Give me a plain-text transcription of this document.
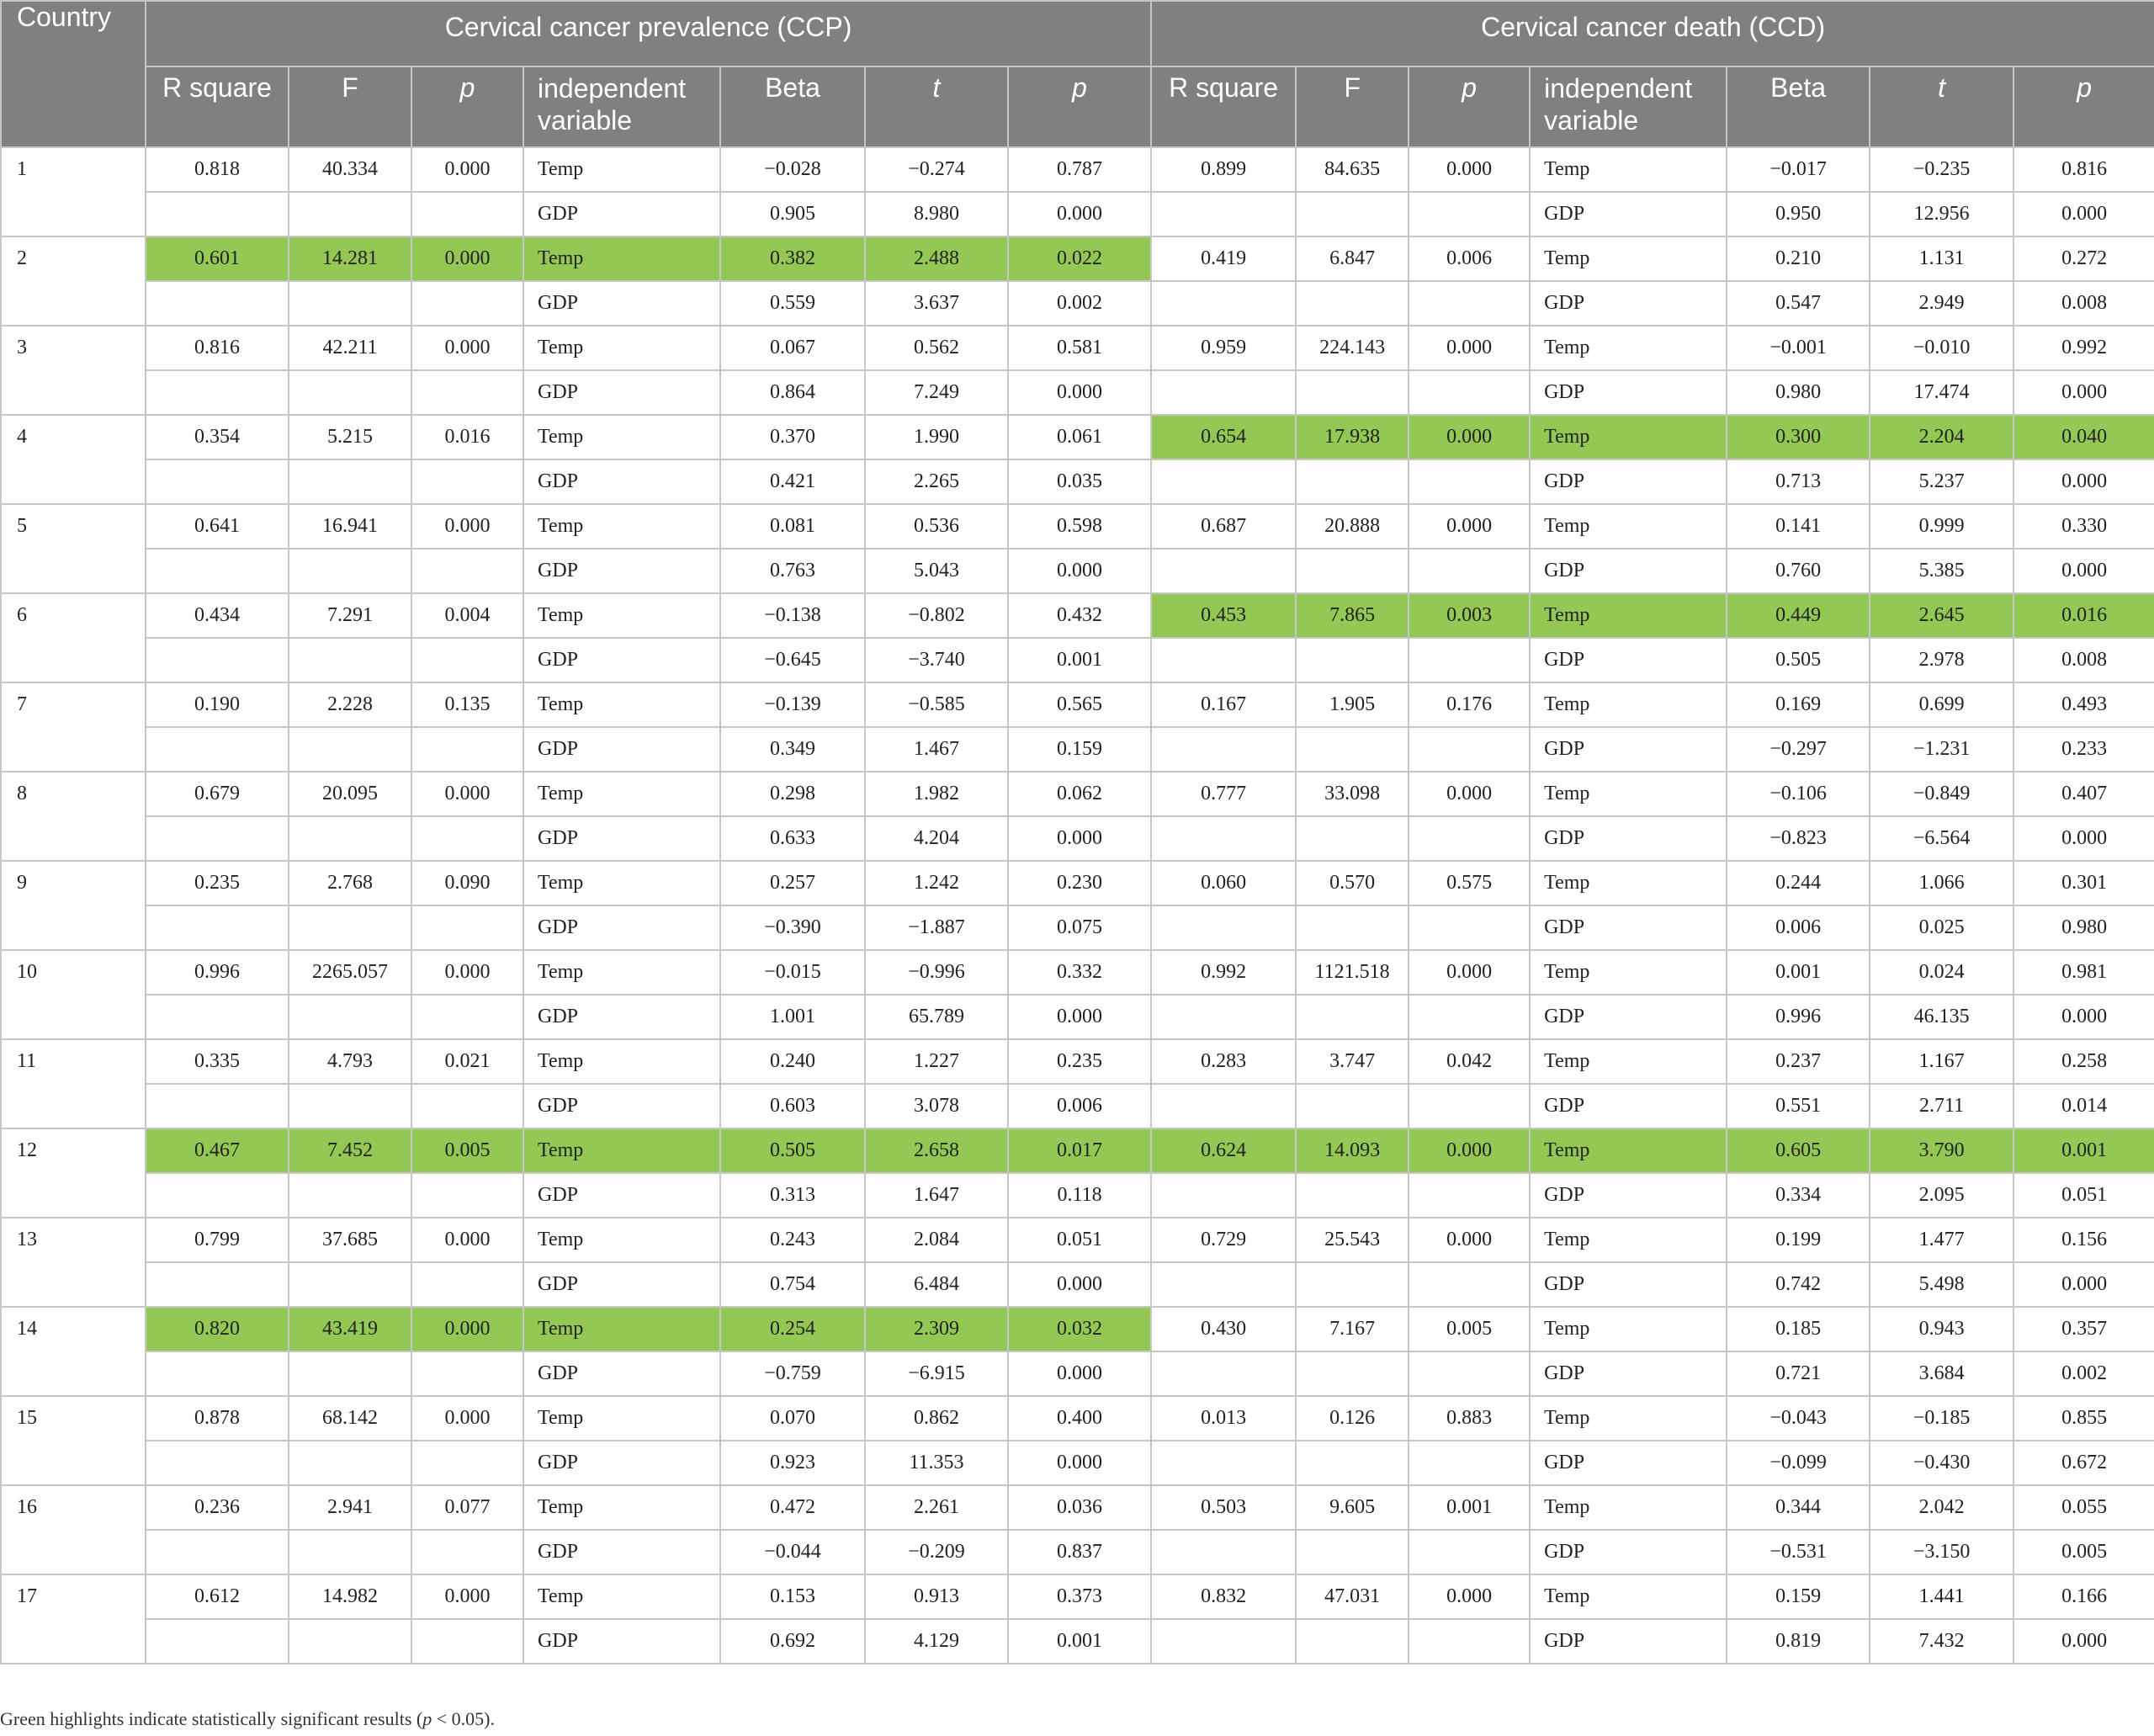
Country	Cervical cancer prevalence (CCP)							Cervical cancer death (CCD)						
	R square	F	p	independent variable	Beta	t	p	R square	F	p	independent variable	Beta	t	p
1	0.818	40.334	0.000	Temp	−0.028	−0.274	0.787	0.899	84.635	0.000	Temp	−0.017	−0.235	0.816
				GDP	0.905	8.980	0.000				GDP	0.950	12.956	0.000
2	0.601	14.281	0.000	Temp	0.382	2.488	0.022	0.419	6.847	0.006	Temp	0.210	1.131	0.272
				GDP	0.559	3.637	0.002				GDP	0.547	2.949	0.008
3	0.816	42.211	0.000	Temp	0.067	0.562	0.581	0.959	224.143	0.000	Temp	−0.001	−0.010	0.992
				GDP	0.864	7.249	0.000				GDP	0.980	17.474	0.000
4	0.354	5.215	0.016	Temp	0.370	1.990	0.061	0.654	17.938	0.000	Temp	0.300	2.204	0.040
				GDP	0.421	2.265	0.035				GDP	0.713	5.237	0.000
5	0.641	16.941	0.000	Temp	0.081	0.536	0.598	0.687	20.888	0.000	Temp	0.141	0.999	0.330
				GDP	0.763	5.043	0.000				GDP	0.760	5.385	0.000
6	0.434	7.291	0.004	Temp	−0.138	−0.802	0.432	0.453	7.865	0.003	Temp	0.449	2.645	0.016
				GDP	−0.645	−3.740	0.001				GDP	0.505	2.978	0.008
7	0.190	2.228	0.135	Temp	−0.139	−0.585	0.565	0.167	1.905	0.176	Temp	0.169	0.699	0.493
				GDP	0.349	1.467	0.159				GDP	−0.297	−1.231	0.233
8	0.679	20.095	0.000	Temp	0.298	1.982	0.062	0.777	33.098	0.000	Temp	−0.106	−0.849	0.407
				GDP	0.633	4.204	0.000				GDP	−0.823	−6.564	0.000
9	0.235	2.768	0.090	Temp	0.257	1.242	0.230	0.060	0.570	0.575	Temp	0.244	1.066	0.301
				GDP	−0.390	−1.887	0.075				GDP	0.006	0.025	0.980
10	0.996	2265.057	0.000	Temp	−0.015	−0.996	0.332	0.992	1121.518	0.000	Temp	0.001	0.024	0.981
				GDP	1.001	65.789	0.000				GDP	0.996	46.135	0.000
11	0.335	4.793	0.021	Temp	0.240	1.227	0.235	0.283	3.747	0.042	Temp	0.237	1.167	0.258
				GDP	0.603	3.078	0.006				GDP	0.551	2.711	0.014
12	0.467	7.452	0.005	Temp	0.505	2.658	0.017	0.624	14.093	0.000	Temp	0.605	3.790	0.001
				GDP	0.313	1.647	0.118				GDP	0.334	2.095	0.051
13	0.799	37.685	0.000	Temp	0.243	2.084	0.051	0.729	25.543	0.000	Temp	0.199	1.477	0.156
				GDP	0.754	6.484	0.000				GDP	0.742	5.498	0.000
14	0.820	43.419	0.000	Temp	0.254	2.309	0.032	0.430	7.167	0.005	Temp	0.185	0.943	0.357
				GDP	−0.759	−6.915	0.000				GDP	0.721	3.684	0.002
15	0.878	68.142	0.000	Temp	0.070	0.862	0.400	0.013	0.126	0.883	Temp	−0.043	−0.185	0.855
				GDP	0.923	11.353	0.000				GDP	−0.099	−0.430	0.672
16	0.236	2.941	0.077	Temp	0.472	2.261	0.036	0.503	9.605	0.001	Temp	0.344	2.042	0.055
				GDP	−0.044	−0.209	0.837				GDP	−0.531	−3.150	0.005
17	0.612	14.982	0.000	Temp	0.153	0.913	0.373	0.832	47.031	0.000	Temp	0.159	1.441	0.166
				GDP	0.692	4.129	0.001				GDP	0.819	7.432	0.000
Green highlights indicate statistically significant results (p < 0.05).
